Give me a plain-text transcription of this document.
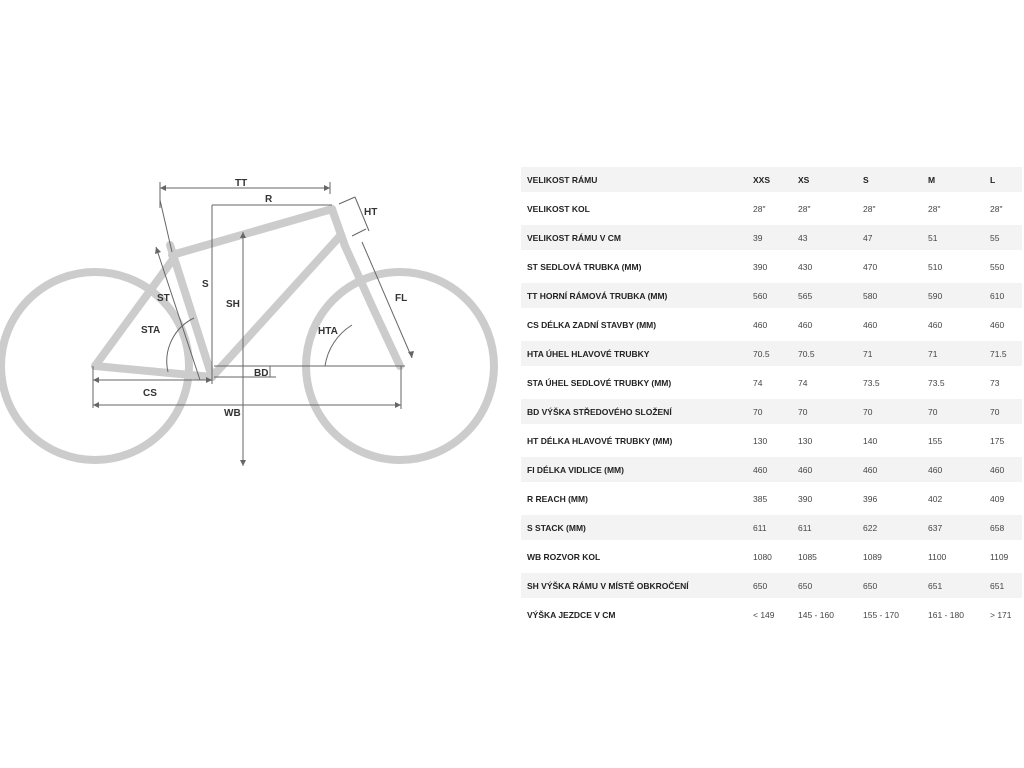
TT
R
HT
ST
S
SH
STA	HTA
FL
BD
CS
WB
VELIKOST RÁMU	XXS	XS	S	M	L
VELIKOST KOL	28"	28"	28"	28"	28"
VELIKOST RÁMU V CM	39	43	47	51	55
ST SEDLOVÁ TRUBKA (MM)	390	430	470	510	550
TT HORNÍ RÁMOVÁ TRUBKA (MM)	560	565	580	590	610
CS DÉLKA ZADNÍ STAVBY (MM)	460	460	460	460	460
HTA ÚHEL HLAVOVÉ TRUBKY	70.5	70.5	71	71	71.5
STA ÚHEL SEDLOVÉ TRUBKY (MM)	74	74	73.5	73.5	73
BD VÝŠKA STŘEDOVÉHO SLOŽENÍ	70	70	70	70	70
HT DÉLKA HLAVOVÉ TRUBKY (MM)	130	130	140	155	175
FI DÉLKA VIDLICE (MM)	460	460	460	460	460
R REACH (MM)	385	390	396	402	409
S STACK (MM)	611	611	622	637	658
WB ROZVOR KOL	1080	1085	1089	1100	1109
SH VÝŠKA RÁMU V MÍSTĚ OBKROČENÍ	650	650	650	651	651
VÝŠKA JEZDCE V CM	< 149	145 - 160	155 - 170	161 - 180	> 171
